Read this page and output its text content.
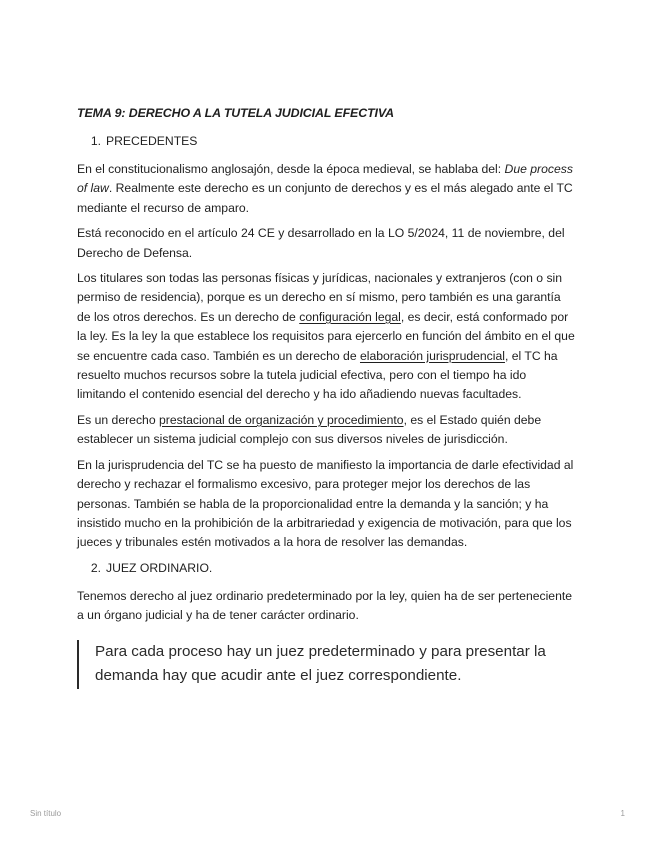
TEMA 9: DERECHO A LA TUTELA JUDICIAL EFECTIVA
1. PRECEDENTES

En el constitucionalismo anglosajón, desde la época medieval, se hablaba del: Due process of law. Realmente este derecho es un conjunto de derechos y es el más alegado ante el TC mediante el recurso de amparo.

Está reconocido en el artículo 24 CE y desarrollado en la LO 5/2024, 11 de noviembre, del Derecho de Defensa.

Los titulares son todas las personas físicas y jurídicas, nacionales y extranjeros (con o sin permiso de residencia), porque es un derecho en sí mismo, pero también es una garantía de los otros derechos. Es un derecho de configuración legal, es decir, está conformado por la ley. Es la ley la que establece los requisitos para ejercerlo en función del ámbito en el que se encuentre cada caso. También es un derecho de elaboración jurisprudencial, el TC ha resuelto muchos recursos sobre la tutela judicial efectiva, pero con el tiempo ha ido limitando el contenido esencial del derecho y ha ido añadiendo nuevas facultades.

Es un derecho prestacional de organización y procedimiento, es el Estado quién debe establecer un sistema judicial complejo con sus diversos niveles de jurisdicción.

En la jurisprudencia del TC se ha puesto de manifiesto la importancia de darle efectividad al derecho y rechazar el formalismo excesivo, para proteger mejor los derechos de las personas. También se habla de la proporcionalidad entre la demanda y la sanción; y ha insistido mucho en la prohibición de la arbitrariedad y exigencia de motivación, para que los jueces y tribunales estén motivados a la hora de resolver las demandas.

2. JUEZ ORDINARIO.

Tenemos derecho al juez ordinario predeterminado por la ley, quien ha de ser perteneciente a un órgano judicial y ha de tener carácter ordinario.

Para cada proceso hay un juez predeterminado y para presentar la demanda hay que acudir ante el juez correspondiente.
Sin título	1
